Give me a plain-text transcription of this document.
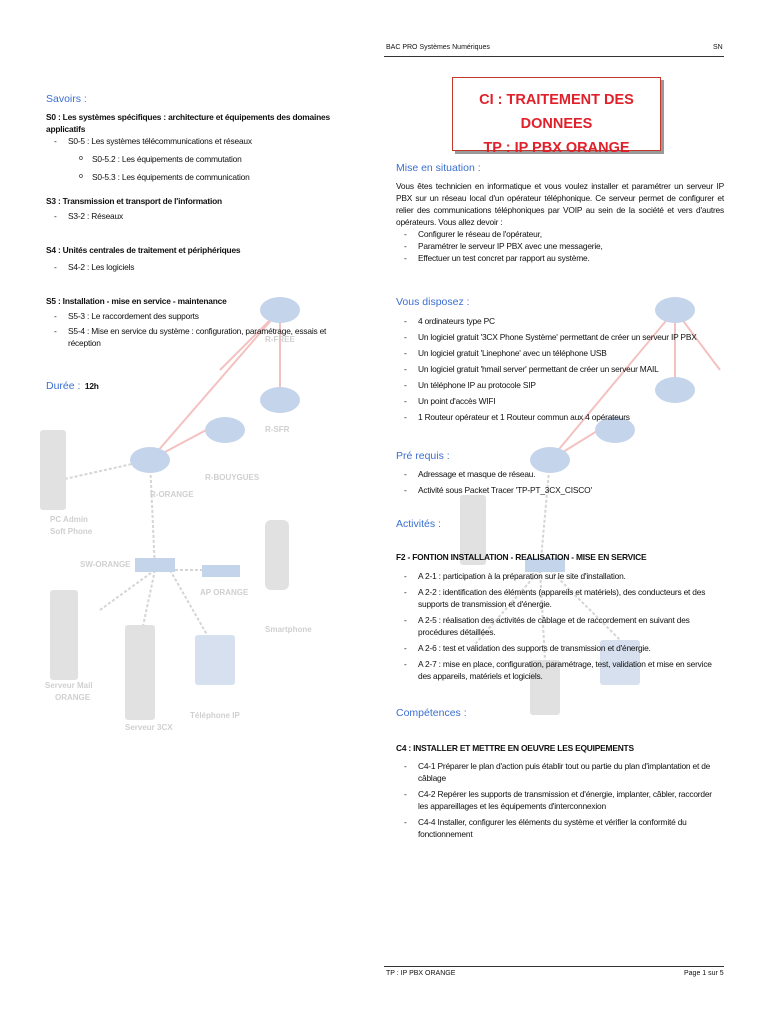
BAC PRO Systèmes Numériques	SN
R-FREE
R-SFR
R-BOUYGUES
R-ORANGE
SW-ORANGE
AP ORANGE
PC Admin
Soft Phone
Serveur Mail
ORANGE
Serveur 3CX
Téléphone IP
Smartphone
CI : TRAITEMENT DES DONNEES
TP : IP PBX ORANGE
Savoirs :
S0 : Les systèmes spécifiques : architecture et équipements des domaines applicatifs
- S0-5 : Les systèmes télécommunications et réseaux
o S0-5.2 : Les équipements de commutation
o S0-5.3 : Les équipements de communication
S3 : Transmission et transport de l'information
- S3-2 : Réseaux
S4 : Unités centrales de traitement et périphériques
- S4-2 : Les logiciels
S5 : Installation - mise en service - maintenance
- S5-3 : Le raccordement des supports
- S5-4 : Mise en service du système : configuration, paramétrage, essais et réception
Durée : 12h
Mise en situation :
Vous êtes technicien en informatique et vous voulez installer et paramétrer un serveur IP PBX sur un réseau local d'un opérateur téléphonique. Ce serveur permet de configurer et relier des communications téléphoniques par VOIP au sein de la société et vers d'autres opérateurs. Vous allez devoir :
- Configurer le réseau de l'opérateur,
- Paramétrer le serveur IP PBX avec une messagerie,
- Effectuer un test concret par rapport au système.
Vous disposez :
- 4 ordinateurs type PC
- Un logiciel gratuit '3CX Phone Système' permettant de créer un serveur IP PBX
- Un logiciel gratuit 'Linephone' avec un téléphone USB
- Un logiciel gratuit 'hmail server' permettant de créer un serveur MAIL
- Un téléphone IP au protocole SIP
- Un point d'accès WIFI
- 1 Routeur opérateur et 1 Routeur commun aux 4 opérateurs
Pré requis :
- Adressage et masque de réseau.
- Activité sous Packet Tracer 'TP-PT_3CX_CISCO'
Activités :
F2 - FONTION INSTALLATION - REALISATION - MISE EN SERVICE
- A 2-1 : participation à la préparation sur le site d'installation.
- A 2-2 : identification des éléments (appareils et matériels), des conducteurs et des supports de transmission et d'énergie.
- A 2-5 : réalisation des activités de câblage et de raccordement en suivant des procédures détaillées.
- A 2-6 : test et validation des supports de transmission et d'énergie.
- A 2-7 : mise en place, configuration, paramétrage, test, validation et mise en service des appareils, matériels et logiciels.
Compétences :
C4 : INSTALLER ET METTRE EN OEUVRE LES EQUIPEMENTS
- C4-1 Préparer le plan d'action puis établir tout ou partie du plan d'implantation et de câblage
- C4-2 Repérer les supports de transmission et d'énergie, implanter, câbler, raccorder les appareillages et les équipements d'interconnexion
- C4-4 Installer, configurer les éléments du système et vérifier la conformité du fonctionnement
TP : IP PBX ORANGE	Page 1 sur 5
